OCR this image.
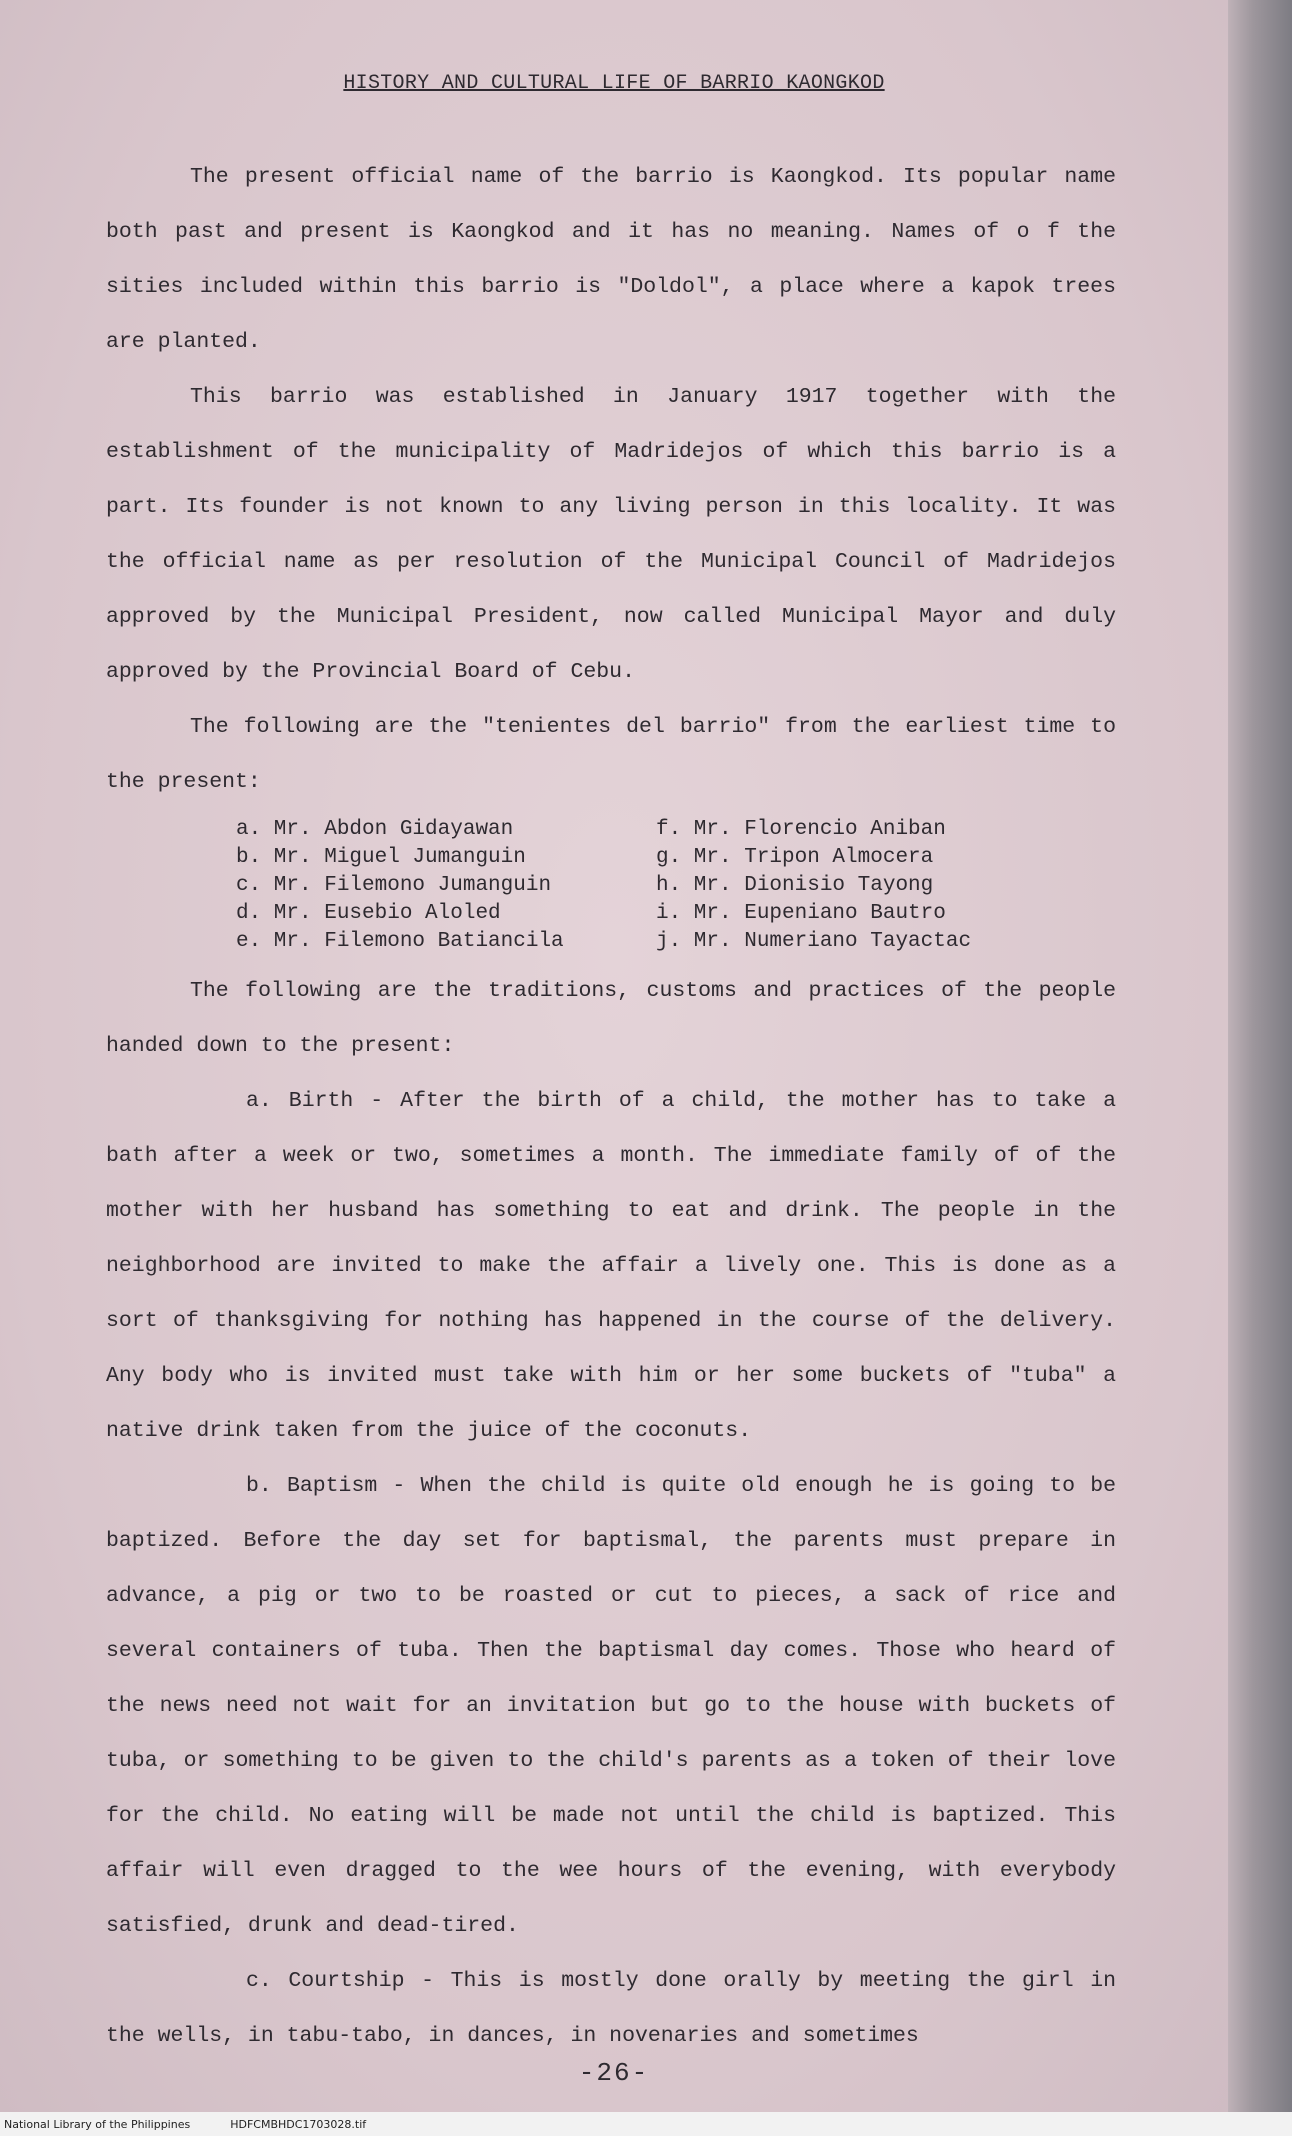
HISTORY AND CULTURAL LIFE OF BARRIO KAONGKOD

The present official name of the barrio is Kaongkod. Its popular name both past and present is Kaongkod and it has no meaning. Names of o f the sities included within this barrio is "Doldol", a place where a kapok trees are planted.

This barrio was established in January 1917 together with the establishment of the municipality of Madridejos of which this barrio is a part. Its founder is not known to any living person in this locality. It was the official name as per resolution of the Municipal Council of Madridejos approved by the Municipal President, now called Municipal Mayor and duly approved by the Provincial Board of Cebu.

The following are the "tenientes del barrio" from the earliest time to the present:

a. Mr. Abdon Gidayawan	f. Mr. Florencio Aniban
b. Mr. Miguel Jumanguin	g. Mr. Tripon Almocera
c. Mr. Filemono Jumanguin	h. Mr. Dionisio Tayong
d. Mr. Eusebio Aloled	i. Mr. Eupeniano Bautro
e. Mr. Filemono Batiancila	j. Mr. Numeriano Tayactac

The following are the traditions, customs and practices of the people handed down to the present:

a. Birth - After the birth of a child, the mother has to take a bath after a week or two, sometimes a month. The immediate family of of the mother with her husband has something to eat and drink. The people in the neighborhood are invited to make the affair a lively one. This is done as a sort of thanksgiving for nothing has happened in the course of the delivery. Any body who is invited must take with him or her some buckets of "tuba" a native drink taken from the juice of the coconuts.

b. Baptism - When the child is quite old enough he is going to be baptized. Before the day set for baptismal, the parents must prepare in advance, a pig or two to be roasted or cut to pieces, a sack of rice and several containers of tuba. Then the baptismal day comes. Those who heard of the news need not wait for an invitation but go to the house with buckets of tuba, or something to be given to the child's parents as a token of their love for the child. No eating will be made not until the child is baptized. This affair will even dragged to the wee hours of the evening, with everybody satisfied, drunk and dead-tired.

c. Courtship - This is mostly done orally by meeting the girl in the wells, in tabu-tabo, in dances, in novenaries and sometimes

-26-
National Library of the Philippines	HDFCMBHDC1703028.tif
